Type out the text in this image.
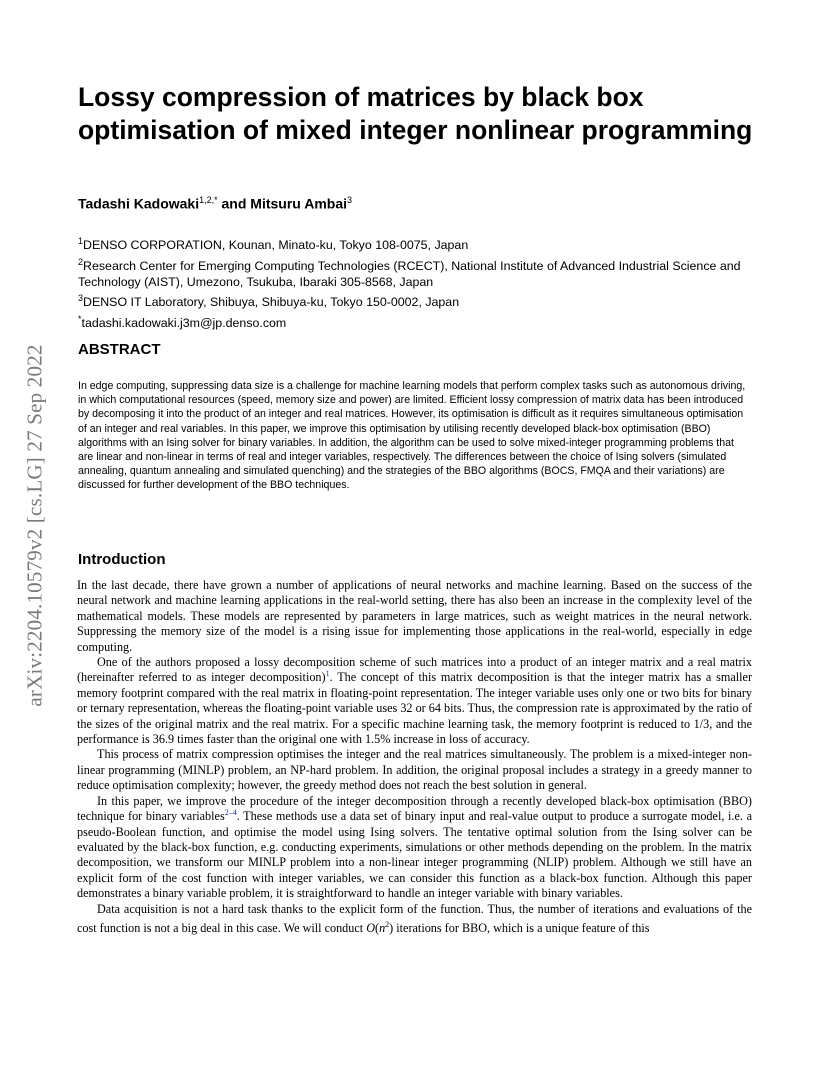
arXiv:2204.10579v2 [cs.LG] 27 Sep 2022
Lossy compression of matrices by black box optimisation of mixed integer nonlinear programming

Tadashi Kadowaki$^{1,2,*}$ and Mitsuru Ambai$^3$

$^1$DENSO CORPORATION, Kounan, Minato-ku, Tokyo 108-0075, Japan

$^2$Research Center for Emerging Computing Technologies (RCECT), National Institute of Advanced Industrial Science and Technology (AIST), Umezono, Tsukuba, Ibaraki 305-8568, Japan

$^3$DENSO IT Laboratory, Shibuya, Shibuya-ku, Tokyo 150-0002, Japan

*tadashi.kadowaki.j3m@jp.denso.com

ABSTRACT

In edge computing, suppressing data size is a challenge for machine learning models that perform complex tasks such as autonomous driving, in which computational resources (speed, memory size and power) are limited. Efficient lossy compression of matrix data has been introduced by decomposing it into the product of an integer and real matrices. However, its optimisation is difficult as it requires simultaneous optimisation of an integer and real variables. In this paper, we improve this optimisation by utilising recently developed black-box optimisation (BBO) algorithms with an Ising solver for binary variables. In addition, the algorithm can be used to solve mixed-integer programming problems that are linear and non-linear in terms of real and integer variables, respectively. The differences between the choice of Ising solvers (simulated annealing, quantum annealing and simulated quenching) and the strategies of the BBO algorithms (BOCS, FMQA and their variations) are discussed for further development of the BBO techniques.

Introduction

In the last decade, there have grown a number of applications of neural networks and machine learning. Based on the success of the neural network and machine learning applications in the real-world setting, there has also been an increase in the complexity level of the mathematical models. These models are represented by parameters in large matrices, such as weight matrices in the neural network. Suppressing the memory size of the model is a rising issue for implementing those applications in the real-world, especially in edge computing.

One of the authors proposed a lossy decomposition scheme of such matrices into a product of an integer matrix and a real matrix (hereinafter referred to as integer decomposition)$^1$. The concept of this matrix decomposition is that the integer matrix has a smaller memory footprint compared with the real matrix in floating-point representation. The integer variable uses only one or two bits for binary or ternary representation, whereas the floating-point variable uses 32 or 64 bits. Thus, the compression rate is approximated by the ratio of the sizes of the original matrix and the real matrix. For a specific machine learning task, the memory footprint is reduced to 1/3, and the performance is 36.9 times faster than the original one with 1.5% increase in loss of accuracy.

This process of matrix compression optimises the integer and the real matrices simultaneously. The problem is a mixed-integer non-linear programming (MINLP) problem, an NP-hard problem. In addition, the original proposal includes a strategy in a greedy manner to reduce optimisation complexity; however, the greedy method does not reach the best solution in general.

In this paper, we improve the procedure of the integer decomposition through a recently developed black-box optimisation (BBO) technique for binary variables$^{2-4}$. These methods use a data set of binary input and real-value output to produce a surrogate model, i.e. a pseudo-Boolean function, and optimise the model using Ising solvers. The tentative optimal solution from the Ising solver can be evaluated by the black-box function, e.g. conducting experiments, simulations or other methods depending on the problem. In the matrix decomposition, we transform our MINLP problem into a non-linear integer programming (NLIP) problem. Although we still have an explicit form of the cost function with integer variables, we can consider this function as a black-box function. Although this paper demonstrates a binary variable problem, it is straightforward to handle an integer variable with binary variables.

Data acquisition is not a hard task thanks to the explicit form of the function. Thus, the number of iterations and evaluations of the cost function is not a big deal in this case. We will conduct $O(n^2)$ iterations for BBO, which is a unique feature of this
